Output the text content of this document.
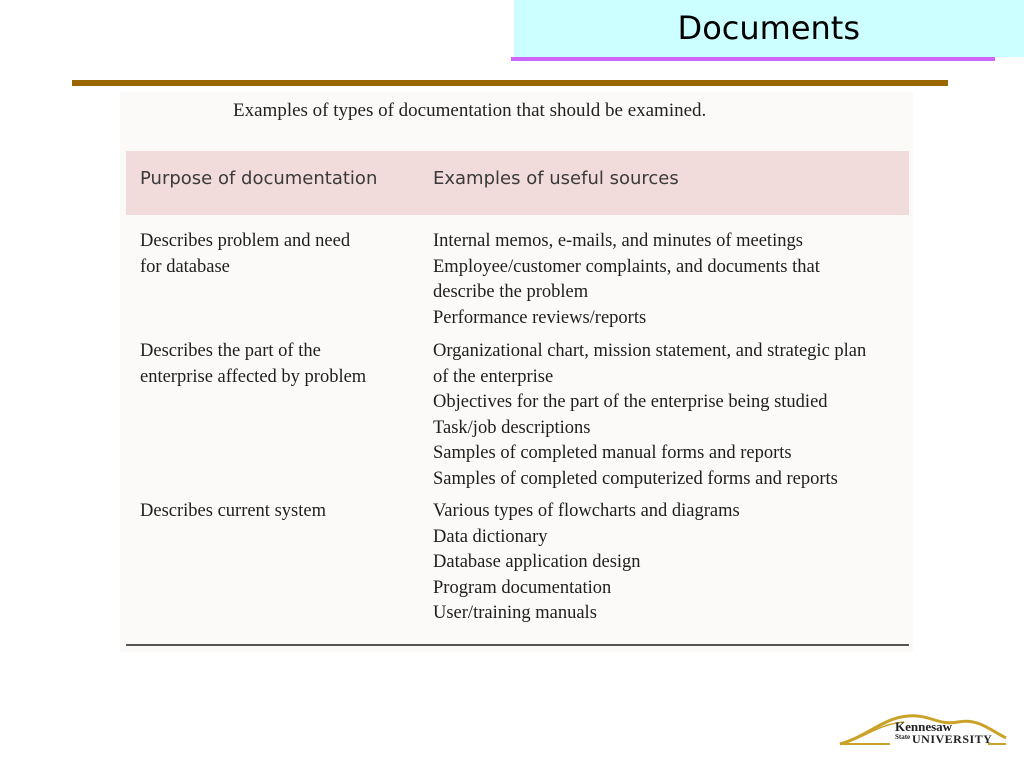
Documents
Examples of types of documentation that should be examined.
Purpose of documentation	Examples of useful sources
Describes problem and need
for database
Internal memos, e-mails, and minutes of meetings
Employee/customer complaints, and documents that
describe the problem
Performance reviews/reports
Describes the part of the
enterprise affected by problem
Organizational chart, mission statement, and strategic plan
of the enterprise
Objectives for the part of the enterprise being studied
Task/job descriptions
Samples of completed manual forms and reports
Samples of completed computerized forms and reports
Describes current system	Various types of flowcharts and diagrams
Data dictionary
Database application design
Program documentation
User/training manuals
Kennesaw
State UNIVERSITY
